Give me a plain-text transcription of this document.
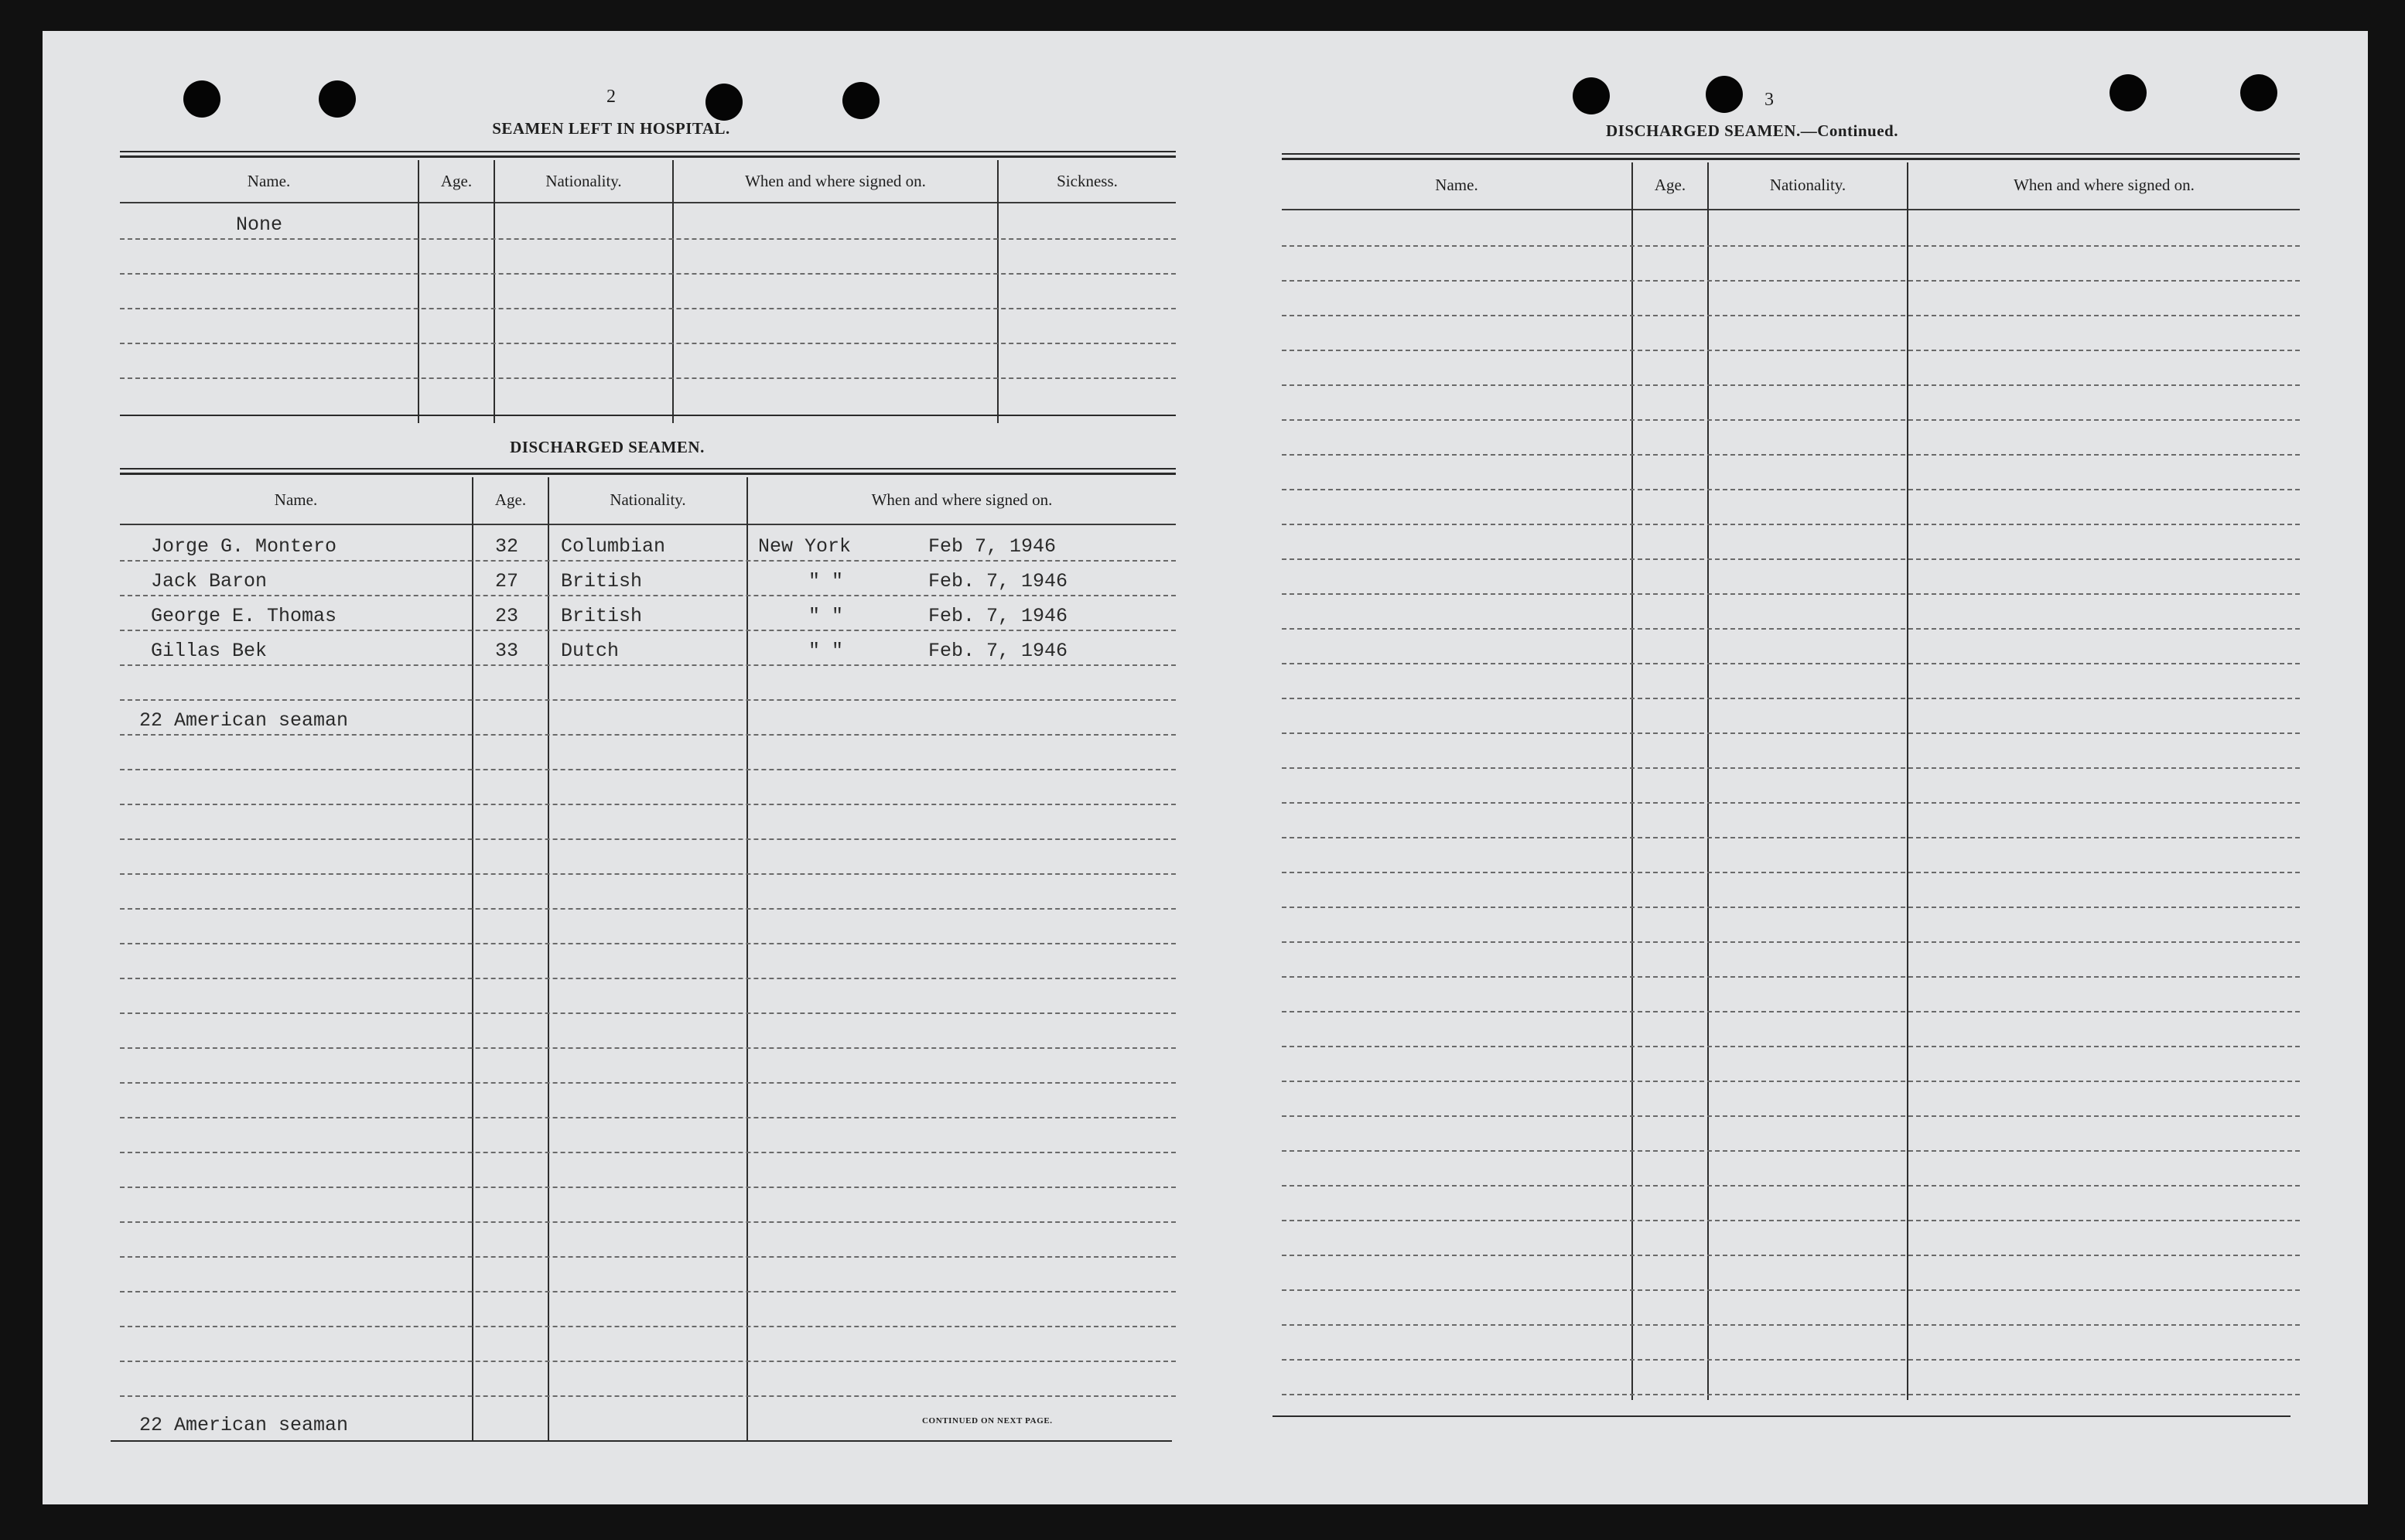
2
SEAMEN LEFT IN HOSPITAL.
Name.	Age.	Nationality.	When and where signed on.	Sickness.
None
DISCHARGED SEAMEN.
Name.	Age.	Nationality.	When and where signed on.
Jorge G. Montero	32 Columbian	New York	Feb 7, 1946
Jack Baron	27 British	" "	Feb. 7, 1946
George E. Thomas	23 British	" "	Feb. 7, 1946
Gillas Bek	33 Dutch	" "	Feb. 7, 1946
22 American seaman
22 American seaman	CONTINUED ON NEXT PAGE.
3
DISCHARGED SEAMEN.—Continued.
Name.	Age.	Nationality.	When and where signed on.
